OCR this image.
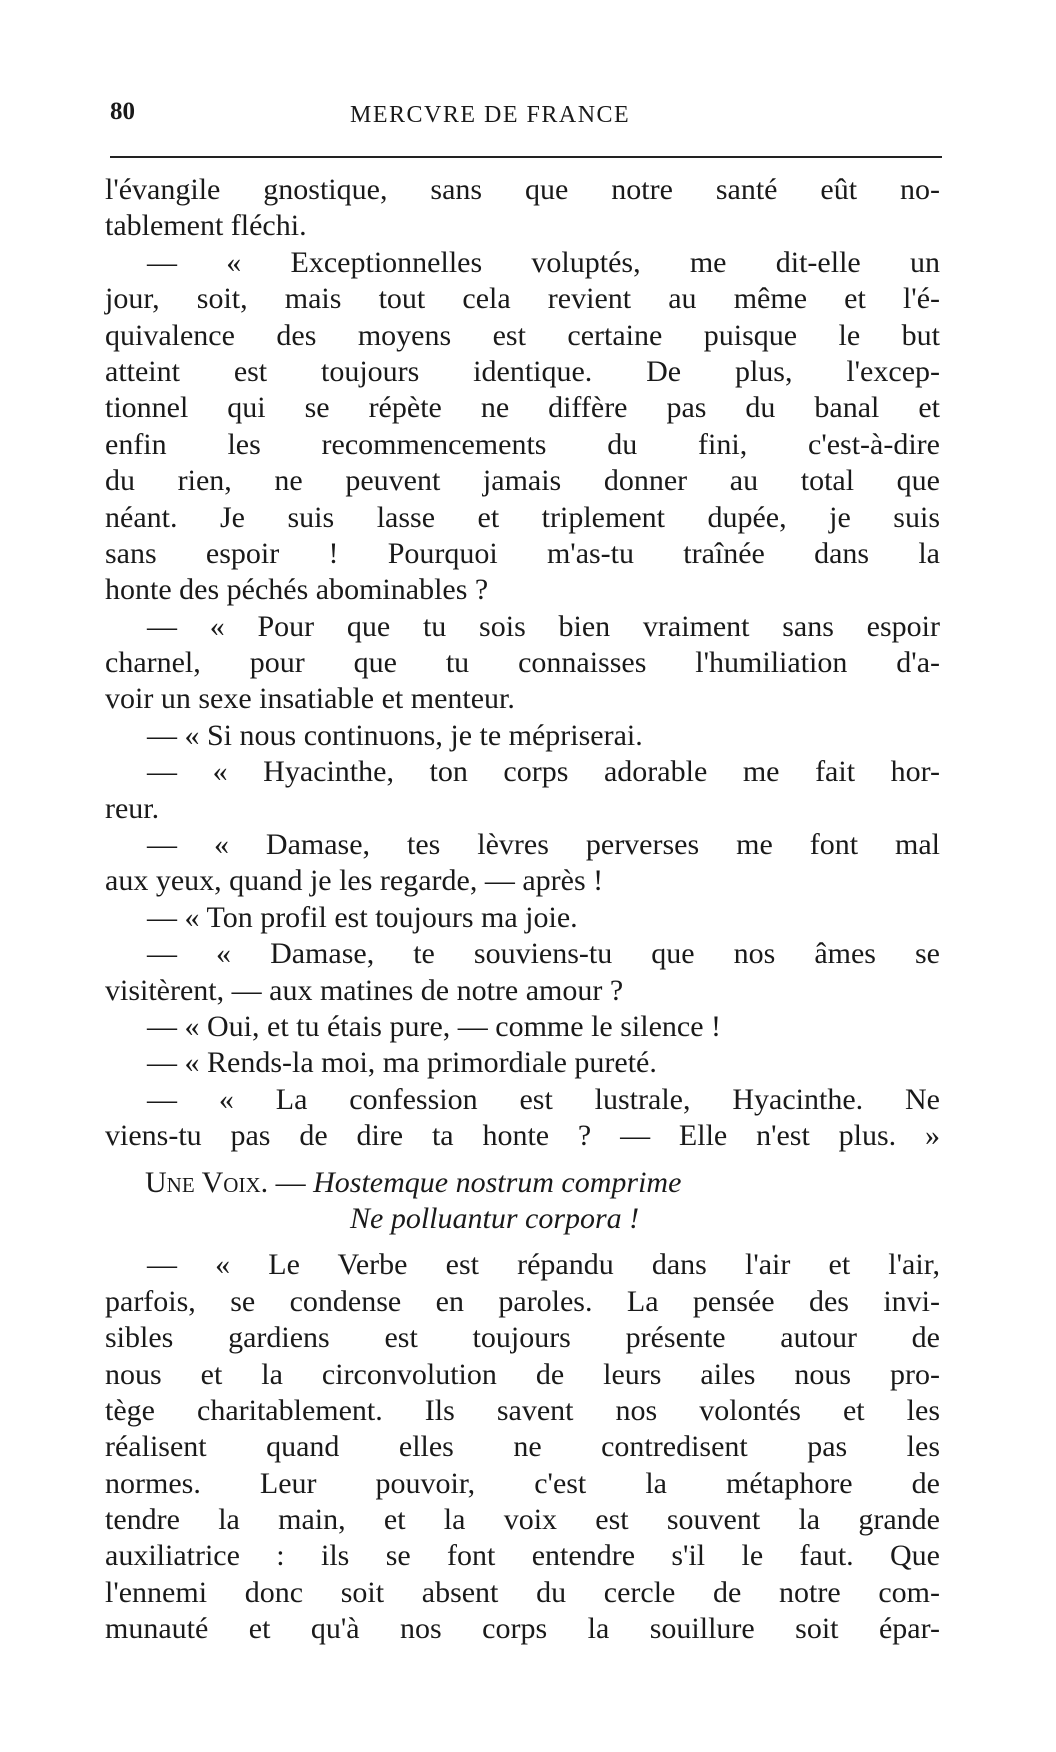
80	MERCVRE DE FRANCE
l'évangile gnostique, sans que notre santé eût no-
tablement fléchi.
— « Exceptionnelles voluptés, me dit-elle un
jour, soit, mais tout cela revient au même et l'é-
quivalence des moyens est certaine puisque le but
atteint est toujours identique. De plus, l'excep-
tionnel qui se répète ne diffère pas du banal et
enfin les recommencements du fini, c'est-à-dire
du rien, ne peuvent jamais donner au total que
néant. Je suis lasse et triplement dupée, je suis
sans espoir ! Pourquoi m'as-tu traînée dans la
honte des péchés abominables ?
— « Pour que tu sois bien vraiment sans espoir
charnel, pour que tu connaisses l'humiliation d'a-
voir un sexe insatiable et menteur.
— « Si nous continuons, je te mépriserai.
— « Hyacinthe, ton corps adorable me fait hor-
reur.
— « Damase, tes lèvres perverses me font mal
aux yeux, quand je les regarde, — après !
— « Ton profil est toujours ma joie.
— « Damase, te souviens-tu que nos âmes se
visitèrent, — aux matines de notre amour ?
— « Oui, et tu étais pure, — comme le silence !
— « Rends-la moi, ma primordiale pureté.
— « La confession est lustrale, Hyacinthe. Ne
viens-tu pas de dire ta honte ? — Elle n'est plus. »
Une Voix. — Hostemque nostrum comprime
Ne polluantur corpora !
— « Le Verbe est répandu dans l'air et l'air,
parfois, se condense en paroles. La pensée des invi-
sibles gardiens est toujours présente autour de
nous et la circonvolution de leurs ailes nous pro-
tège charitablement. Ils savent nos volontés et les
réalisent quand elles ne contredisent pas les
normes. Leur pouvoir, c'est la métaphore de
tendre la main, et la voix est souvent la grande
auxiliatrice : ils se font entendre s'il le faut. Que
l'ennemi donc soit absent du cercle de notre com-
munauté et qu'à nos corps la souillure soit épar-
